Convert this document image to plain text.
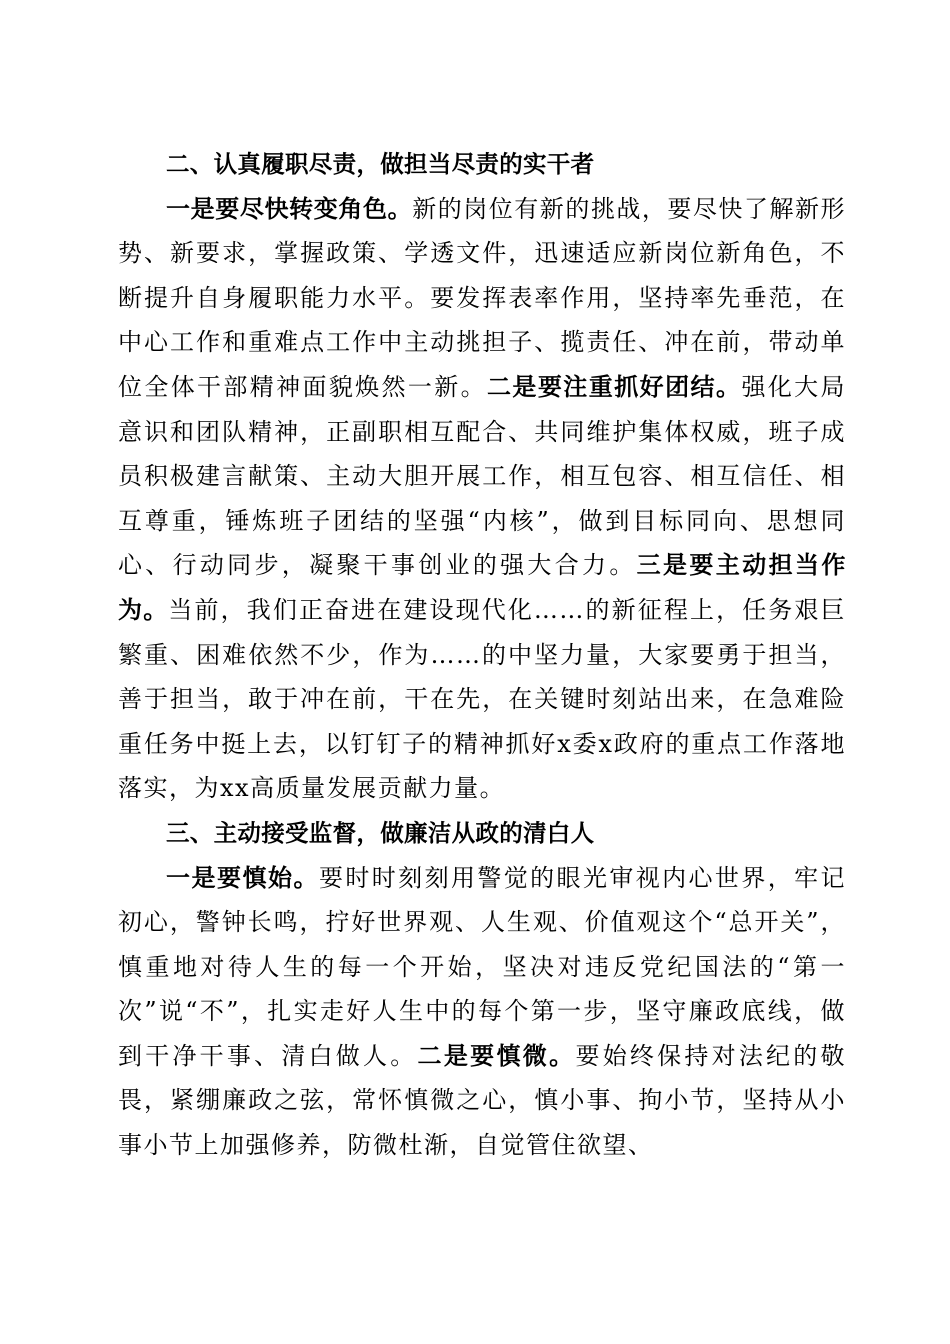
二、认真履职尽责，做担当尽责的实干者

一是要尽快转变角色。新的岗位有新的挑战，要尽快了解新形势、新要求，掌握政策、学透文件，迅速适应新岗位新角色，不断提升自身履职能力水平。要发挥表率作用，坚持率先垂范，在中心工作和重难点工作中主动挑担子、揽责任、冲在前，带动单位全体干部精神面貌焕然一新。二是要注重抓好团结。强化大局意识和团队精神，正副职相互配合、共同维护集体权威，班子成员积极建言献策、主动大胆开展工作，相互包容、相互信任、相互尊重，锤炼班子团结的坚强“内核”，做到目标同向、思想同心、行动同步，凝聚干事创业的强大合力。三是要主动担当作为。当前，我们正奋进在建设现代化……的新征程上，任务艰巨繁重、困难依然不少，作为……的中坚力量，大家要勇于担当，善于担当，敢于冲在前，干在先，在关键时刻站出来，在急难险重任务中挺上去，以钉钉子的精神抓好x委x政府的重点工作落地落实，为xx高质量发展贡献力量。

三、主动接受监督，做廉洁从政的清白人

一是要慎始。要时时刻刻用警觉的眼光审视内心世界，牢记初心，警钟长鸣，拧好世界观、人生观、价值观这个“总开关”，慎重地对待人生的每一个开始，坚决对违反党纪国法的“第一次”说“不”，扎实走好人生中的每个第一步，坚守廉政底线，做到干净干事、清白做人。二是要慎微。要始终保持对法纪的敬畏，紧绷廉政之弦，常怀慎微之心，慎小事、拘小节，坚持从小事小节上加强修养，防微杜渐，自觉管住欲望、
